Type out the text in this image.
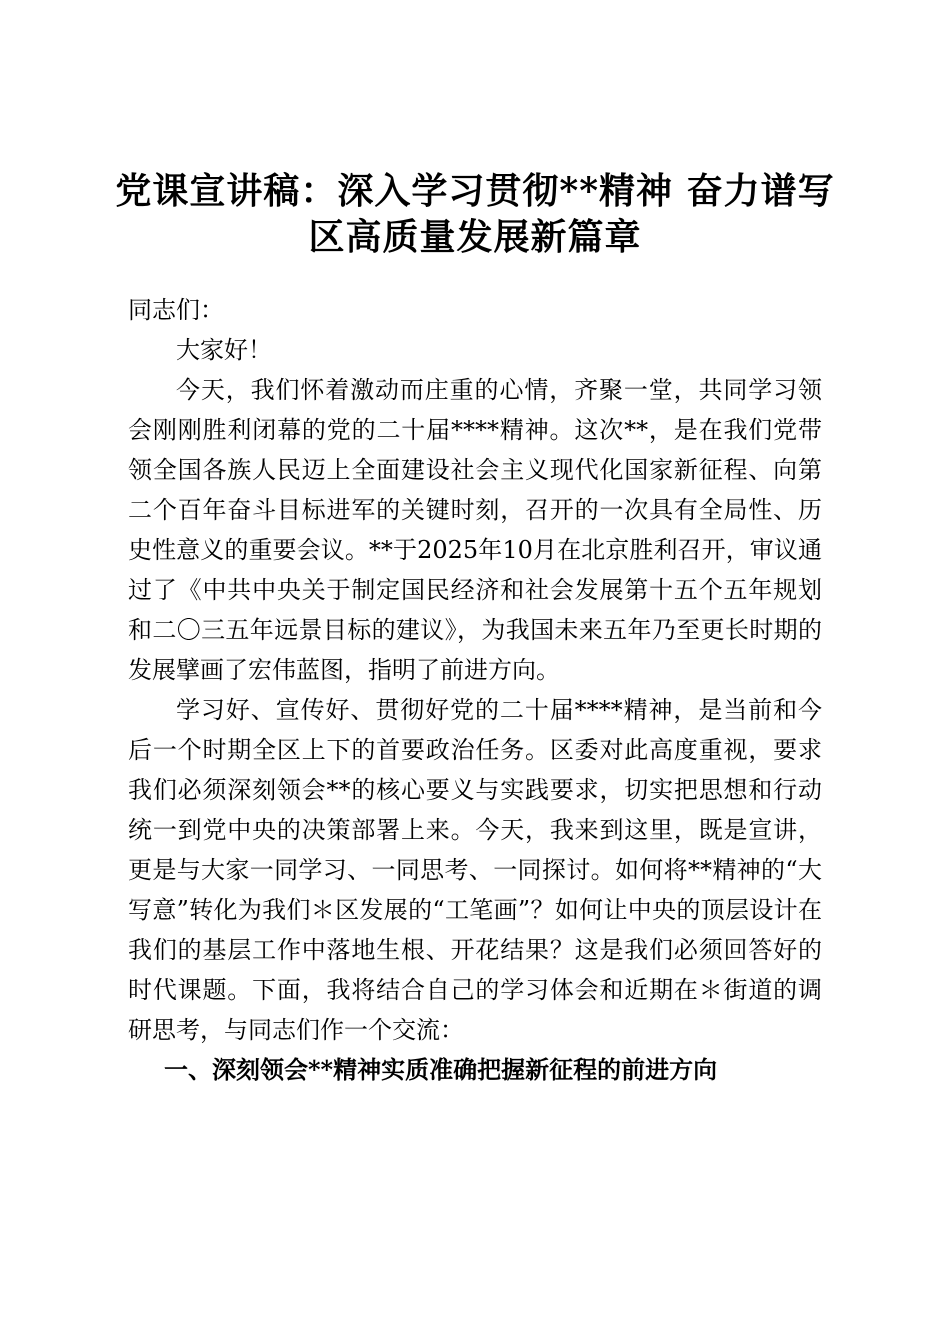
党课宣讲稿：深入学习贯彻**精神 奋力谱写
区高质量发展新篇章

同志们：

大家好！

今天，我们怀着激动而庄重的心情，齐聚一堂，共同学习领会刚刚胜利闭幕的党的二十届****精神。这次**，是在我们党带领全国各族人民迈上全面建设社会主义现代化国家新征程、向第二个百年奋斗目标进军的关键时刻，召开的一次具有全局性、历史性意义的重要会议。**于2025年10月在北京胜利召开，审议通过了《中共中央关于制定国民经济和社会发展第十五个五年规划和二〇三五年远景目标的建议》，为我国未来五年乃至更长时期的发展擘画了宏伟蓝图，指明了前进方向。

学习好、宣传好、贯彻好党的二十届****精神，是当前和今后一个时期全区上下的首要政治任务。区委对此高度重视，要求我们必须深刻领会**的核心要义与实践要求，切实把思想和行动统一到党中央的决策部署上来。今天，我来到这里，既是宣讲，更是与大家一同学习、一同思考、一同探讨。如何将**精神的“大写意”转化为我们＊区发展的“工笔画”？如何让中央的顶层设计在我们的基层工作中落地生根、开花结果？这是我们必须回答好的时代课题。下面，我将结合自己的学习体会和近期在＊街道的调研思考，与同志们作一个交流：

一、深刻领会**精神实质准确把握新征程的前进方向
